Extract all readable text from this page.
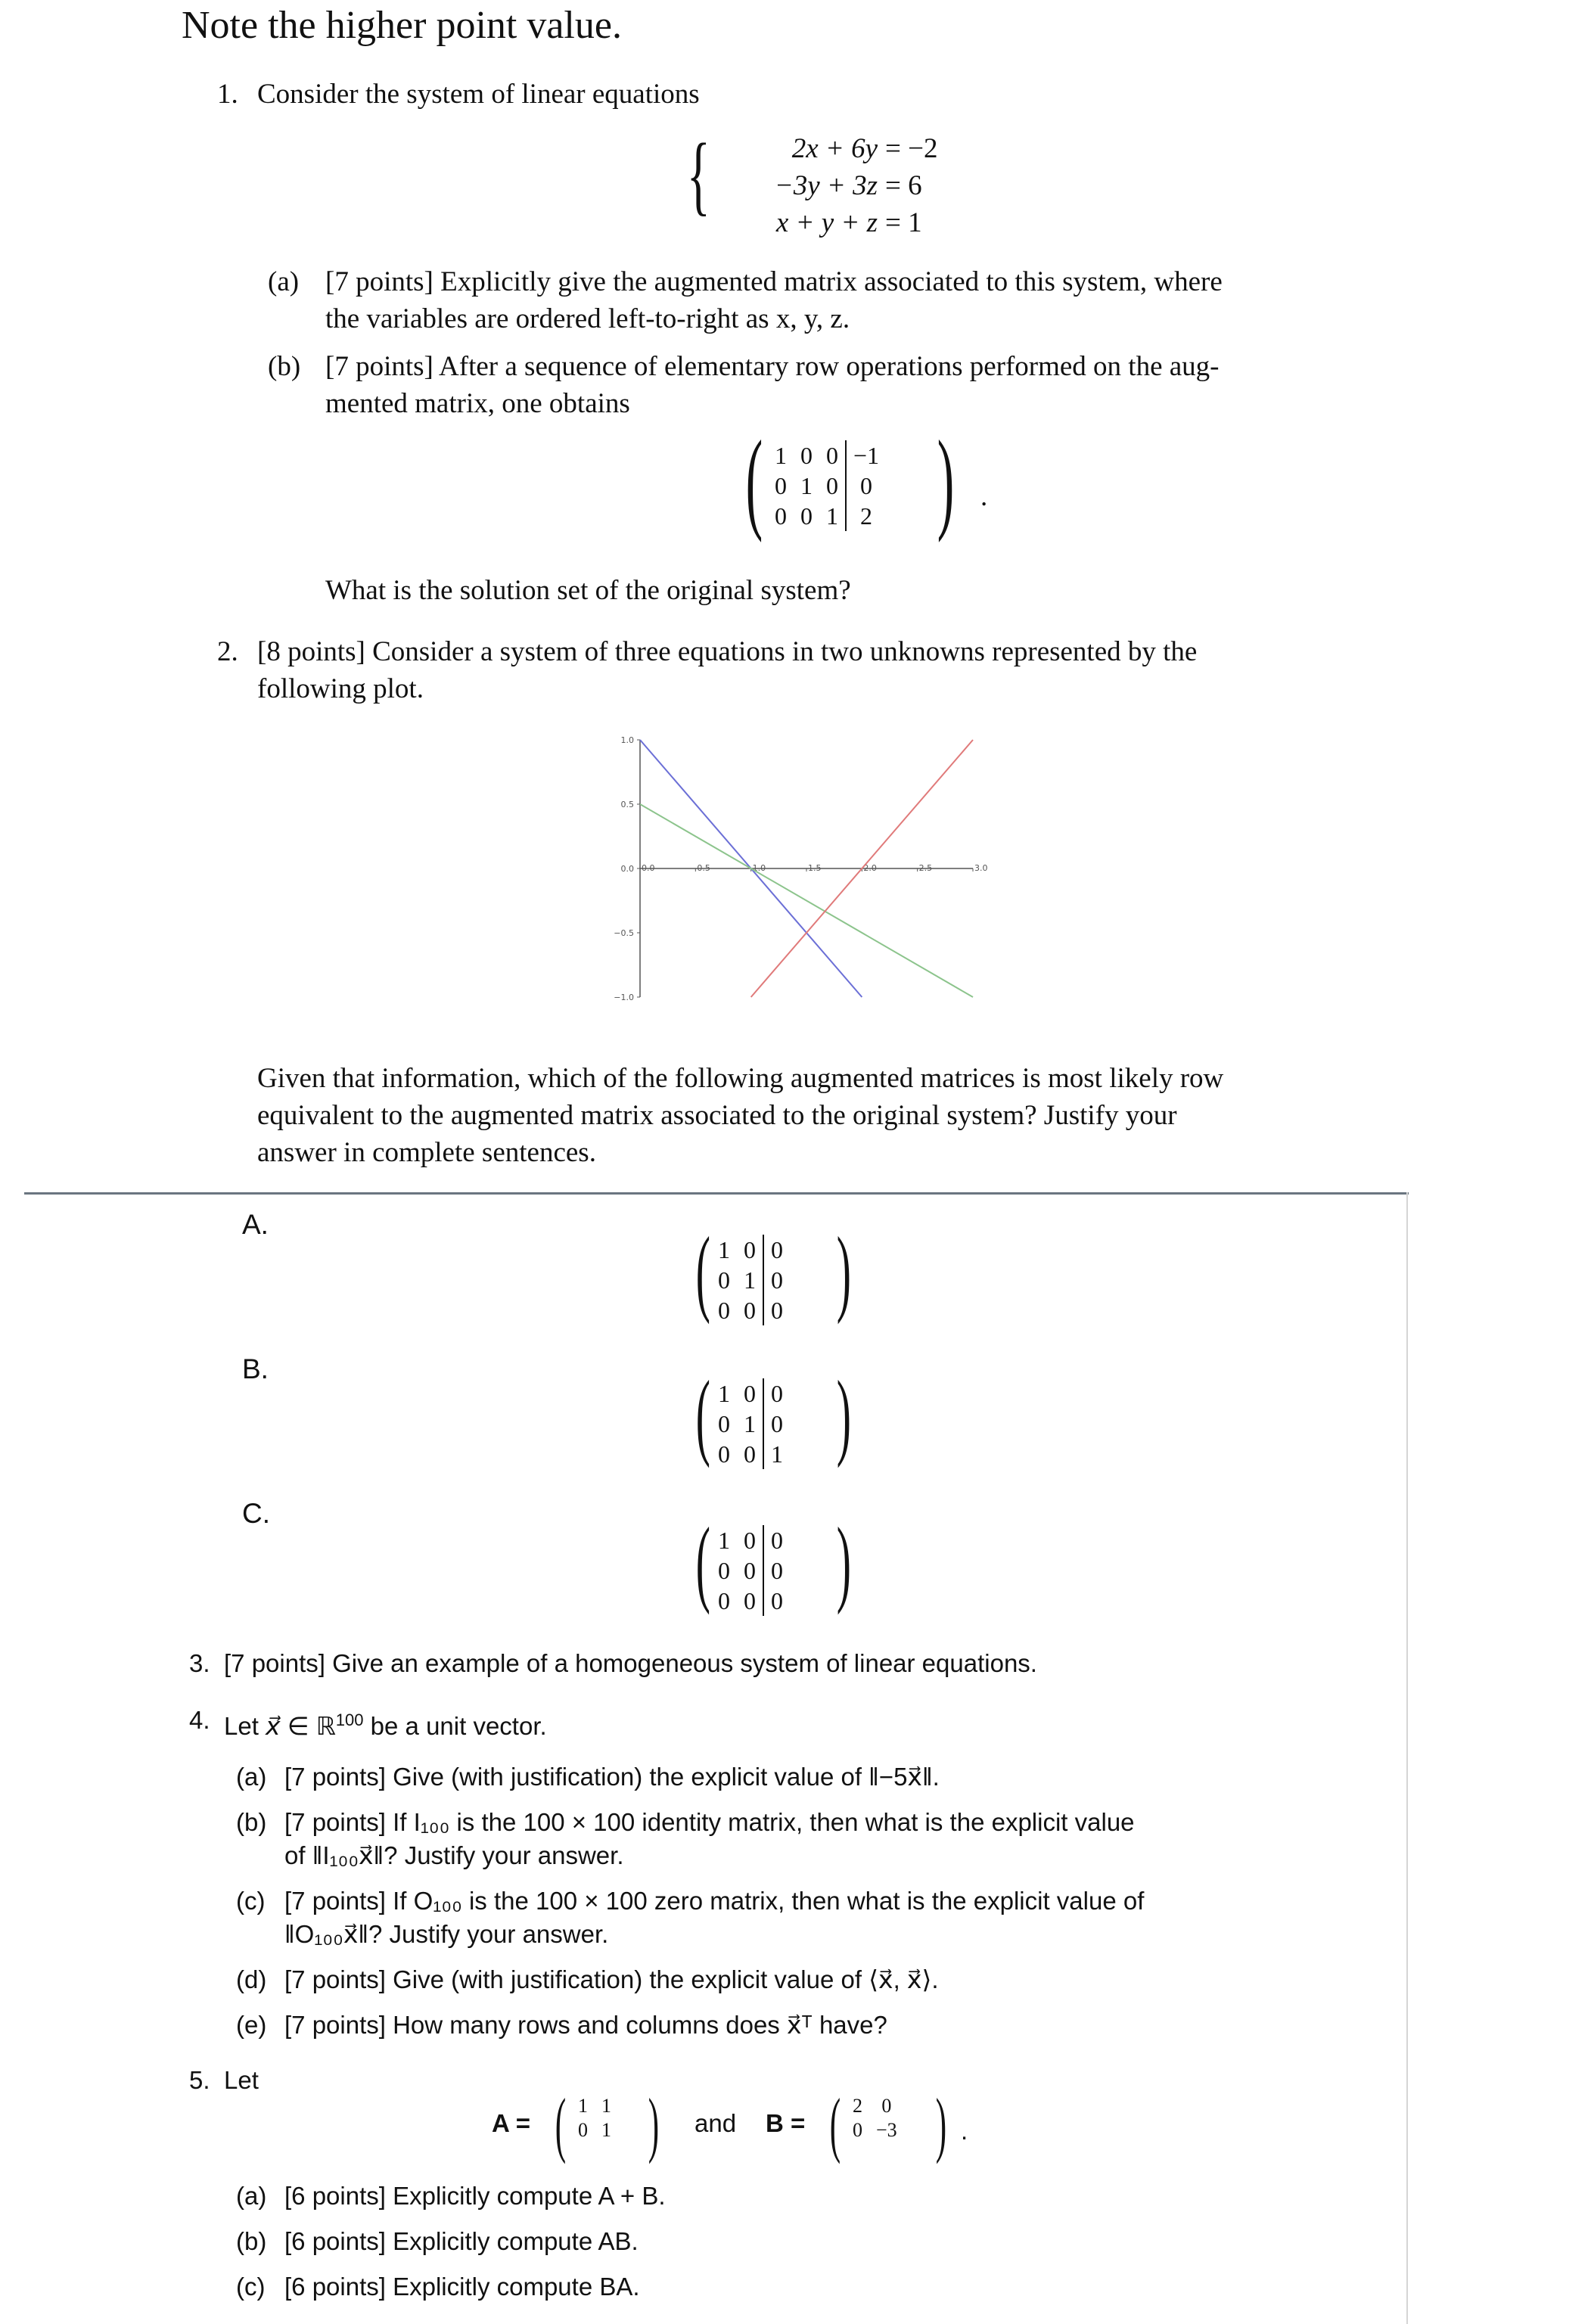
Note the higher point value.
1. Consider the system of linear equations
{	2x + 6y = −2
−3y + 3z = 6
x + y + z = 1
(a) [7 points] Explicitly give the augmented matrix associated to this system, where
the variables are ordered left-to-right as x, y, z.
(b) [7 points] After a sequence of elementary row operations performed on the aug-
mented matrix, one obtains
( 1	0	0	−1
0	1	0	0
0	0	1	2 ) .
What is the solution set of the original system?
2. [8 points] Consider a system of three equations in two unknowns represented by the
following plot.
0.0	0.5	1.0	1.5	2.0	2.5	3.0
1.0
0.5
0.0
−0.5
−1.0
Given that information, which of the following augmented matrices is most likely row
equivalent to the augmented matrix associated to the original system? Justify your
answer in complete sentences.
A.	( 1	0	0
0	1	0
0	0	0 )
B.	( 1	0	0
0	1	0
0	0	1 )
C.	( 1	0	0
0	0	0
0	0	0 )
3. [7 points] Give an example of a homogeneous system of linear equations.
4. Let x⃗ ∈ ℝ$^{100}$ be a unit vector.
(a) [7 points] Give (with justification) the explicit value of ‖−5x⃗‖.
(b) [7 points] If I₁₀₀ is the 100 × 100 identity matrix, then what is the explicit value
of ‖I₁₀₀x⃗‖? Justify your answer.
(c) [7 points] If O₁₀₀ is the 100 × 100 zero matrix, then what is the explicit value of
‖O₁₀₀x⃗‖? Justify your answer.
(d) [7 points] Give (with justification) the explicit value of ⟨x⃗, x⃗⟩.
(e) [7 points] How many rows and columns does x⃗ᵀ have?
5. Let
A = ( 1	1
0	1 ) and B = ( 2	0
0	−3 ) .
(a) [6 points] Explicitly compute A + B.
(b) [6 points] Explicitly compute AB.
(c) [6 points] Explicitly compute BA.
